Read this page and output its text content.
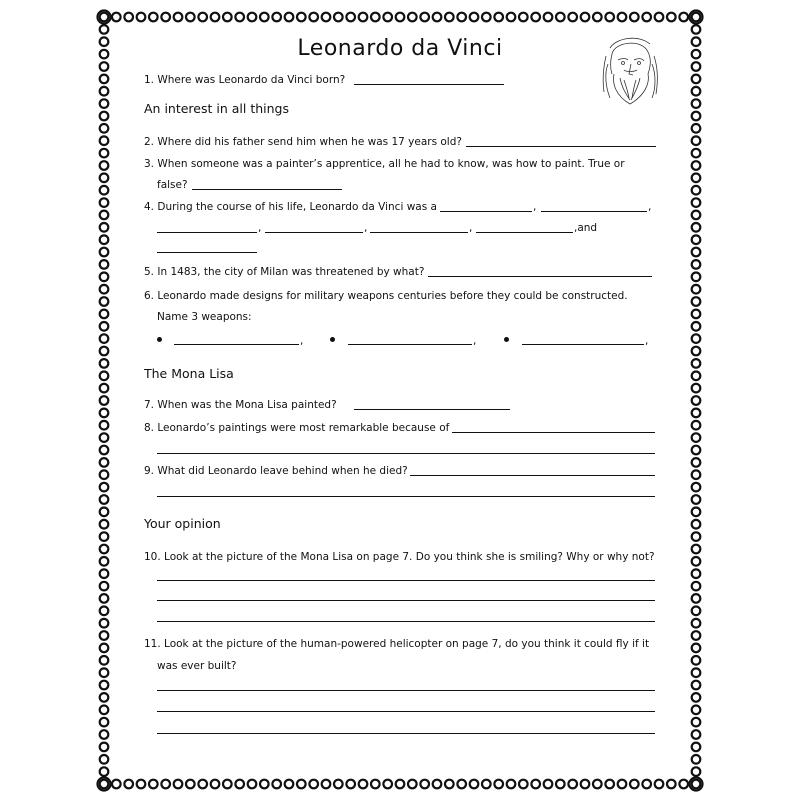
Leonardo da Vinci
1. Where was Leonardo da Vinci born?
An interest in all things
2. Where did his father send him when he was 17 years old?
3. When someone was a painter’s apprentice, all he had to know, was how to paint. True or
false?
4. During the course of his life, Leonardo da Vinci was a	,	,
,	,	,	,and
5. In 1483, the city of Milan was threatened by what?
6. Leonardo made designs for military weapons centuries before they could be constructed.
Name 3 weapons:
,	,	,
The Mona Lisa
7. When was the Mona Lisa painted?
8. Leonardo’s paintings were most remarkable because of
9. What did Leonardo leave behind when he died?
Your opinion
10. Look at the picture of the Mona Lisa on page 7. Do you think she is smiling? Why or why not?
11. Look at the picture of the human-powered helicopter on page 7, do you think it could fly if it
was ever built?
